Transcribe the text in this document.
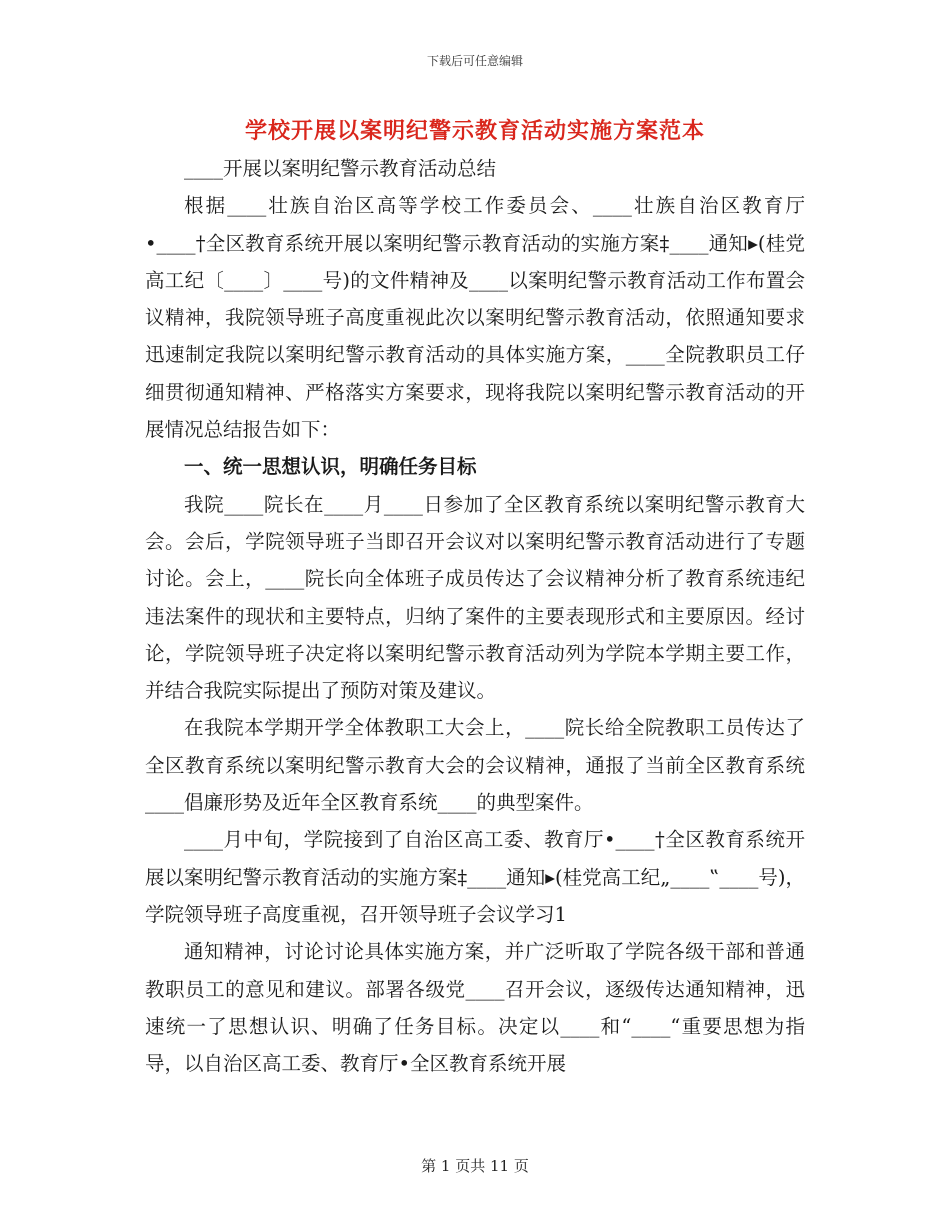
下载后可任意编辑
学校开展以案明纪警示教育活动实施方案范本

____开展以案明纪警示教育活动总结

根据____壮族自治区高等学校工作委员会、____壮族自治区教育厅•____†全区教育系统开展以案明纪警示教育活动的实施方案‡____通知▸(桂党高工纪〔____〕____号)的文件精神及____以案明纪警示教育活动工作布置会议精神，我院领导班子高度重视此次以案明纪警示教育活动，依照通知要求迅速制定我院以案明纪警示教育活动的具体实施方案，____全院教职员工仔细贯彻通知精神、严格落实方案要求，现将我院以案明纪警示教育活动的开展情况总结报告如下：

一、统一思想认识，明确任务目标

我院____院长在____月____日参加了全区教育系统以案明纪警示教育大会。会后，学院领导班子当即召开会议对以案明纪警示教育活动进行了专题讨论。会上，____院长向全体班子成员传达了会议精神分析了教育系统违纪违法案件的现状和主要特点，归纳了案件的主要表现形式和主要原因。经讨论，学院领导班子决定将以案明纪警示教育活动列为学院本学期主要工作，并结合我院实际提出了预防对策及建议。

在我院本学期开学全体教职工大会上，____院长给全院教职工员传达了全区教育系统以案明纪警示教育大会的会议精神，通报了当前全区教育系统____倡廉形势及近年全区教育系统____的典型案件。

____月中旬，学院接到了自治区高工委、教育厅•____†全区教育系统开展以案明纪警示教育活动的实施方案‡____通知▸(桂党高工纪„____‟____号)，学院领导班子高度重视，召开领导班子会议学习1

通知精神，讨论讨论具体实施方案，并广泛听取了学院各级干部和普通教职员工的意见和建议。部署各级党____召开会议，逐级传达通知精神，迅速统一了思想认识、明确了任务目标。决定以____和“____“重要思想为指导，以自治区高工委、教育厅•全区教育系统开展

第 1 页共 11 页
